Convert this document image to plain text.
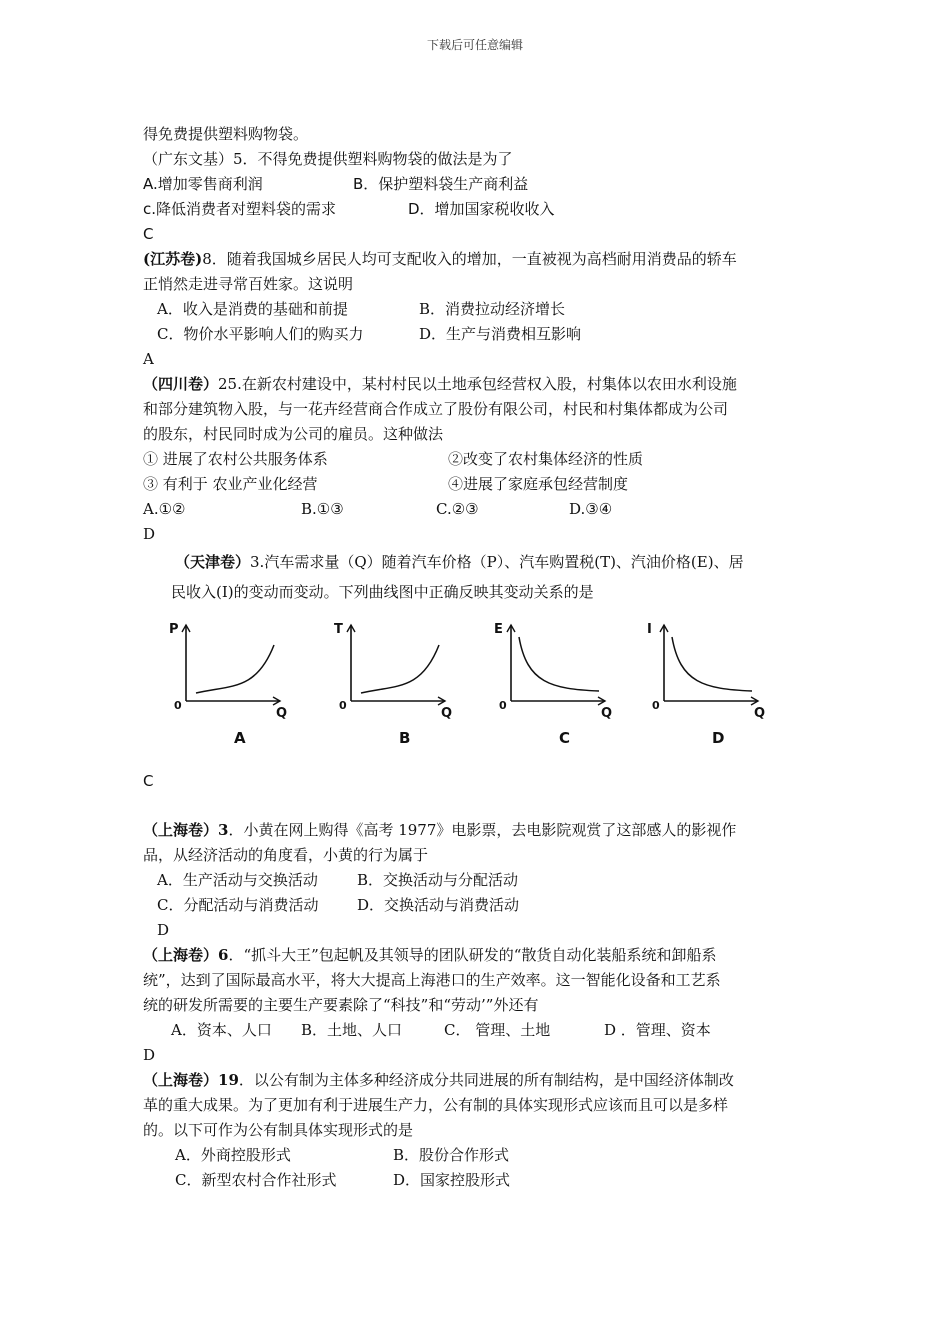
下载后可任意编辑
得免费提供塑料购物袋。
（广东文基）5．不得免费提供塑料购物袋的做法是为了
A.增加零售商利润	B．保护塑料袋生产商利益
c.降低消费者对塑料袋的需求	D．增加国家税收收入
C
(江苏卷)8．随着我国城乡居民人均可支配收入的增加，一直被视为高档耐用消费品的轿车
正悄然走进寻常百姓家。这说明
A．收入是消费的基础和前提	B．消费拉动经济增长
C．物价水平影响人们的购买力	D．生产与消费相互影响
A
（四川卷）25.在新农村建设中，某村村民以土地承包经营权入股，村集体以农田水利设施
和部分建筑物入股，与一花卉经营商合作成立了股份有限公司，村民和村集体都成为公司
的股东，村民同时成为公司的雇员。这种做法
① 进展了农村公共服务体系	②改变了农村集体经济的性质
③ 有利于 农业产业化经营	④进展了家庭承包经营制度
A.①②	B.①③	C.②③	D.③④
D
（天津卷）3.汽车需求量（Q）随着汽车价格（P）、汽车购置税(T)、汽油价格(E)、居
民收入(I)的变动而变动。下列曲线图中正确反映其变动关系的是
P
Q
0
A
T
Q
0
B
E
Q
0
C
I
Q
0
D
C
（上海卷）3．小黄在网上购得《高考 1977》电影票，去电影院观赏了这部感人的影视作
品，从经济活动的角度看，小黄的行为属于
A．生产活动与交换活动	B．交换活动与分配活动
C．分配活动与消费活动	D．交换活动与消费活动
D
（上海卷）6．“抓斗大王”包起帆及其领导的团队研发的“散货自动化装船系统和卸船系
统”，达到了国际最高水平，将大大提高上海港口的生产效率。这一智能化设备和工艺系
统的研发所需要的主要生产要素除了“科技”和“劳动’”外还有
A．资本、人口 B．土地、人口	C． 管理、土地	D ．管理、资本
D
（上海卷）19．以公有制为主体多种经济成分共同进展的所有制结构，是中国经济体制改
革的重大成果。为了更加有利于进展生产力，公有制的具体实现形式应该而且可以是多样
的。以下可作为公有制具体实现形式的是
A．外商控股形式	B．股份合作形式
C．新型农村合作社形式	D．国家控股形式
